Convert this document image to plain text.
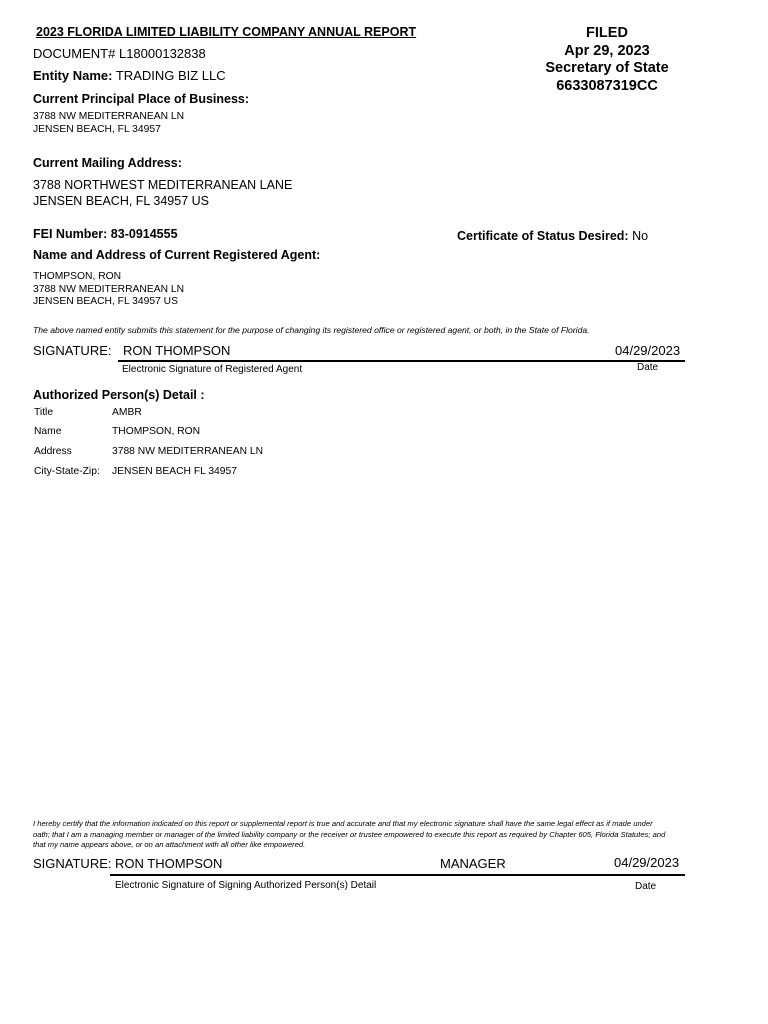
2023 FLORIDA LIMITED LIABILITY COMPANY ANNUAL REPORT
DOCUMENT# L18000132838
Entity Name: TRADING BIZ LLC
FILED
Apr 29, 2023
Secretary of State
6633087319CC
Current Principal Place of Business:
3788 NW MEDITERRANEAN LN
JENSEN BEACH, FL 34957
Current Mailing Address:
3788 NORTHWEST MEDITERRANEAN LANE
JENSEN BEACH, FL 34957 US
FEI Number: 83-0914555	Certificate of Status Desired: No
Name and Address of Current Registered Agent:
THOMPSON, RON
3788 NW MEDITERRANEAN LN
JENSEN BEACH, FL 34957 US
The above named entity submits this statement for the purpose of changing its registered office or registered agent, or both, in the State of Florida.
SIGNATURE: RON THOMPSON	04/29/2023
Electronic Signature of Registered Agent	Date
Authorized Person(s) Detail :
Title	AMBR
Name	THOMPSON, RON
Address	3788 NW MEDITERRANEAN LN
City-State-Zip: JENSEN BEACH FL 34957
I hereby certify that the information indicated on this report or supplemental report is true and accurate and that my electronic signature shall have the same legal effect as if made under
oath; that I am a managing member or manager of the limited liability company or the receiver or trustee empowered to execute this report as required by Chapter 605, Florida Statutes; and
that my name appears above, or on an attachment with all other like empowered.
SIGNATURE: RON THOMPSON	MANAGER	04/29/2023
Electronic Signature of Signing Authorized Person(s) Detail	Date
